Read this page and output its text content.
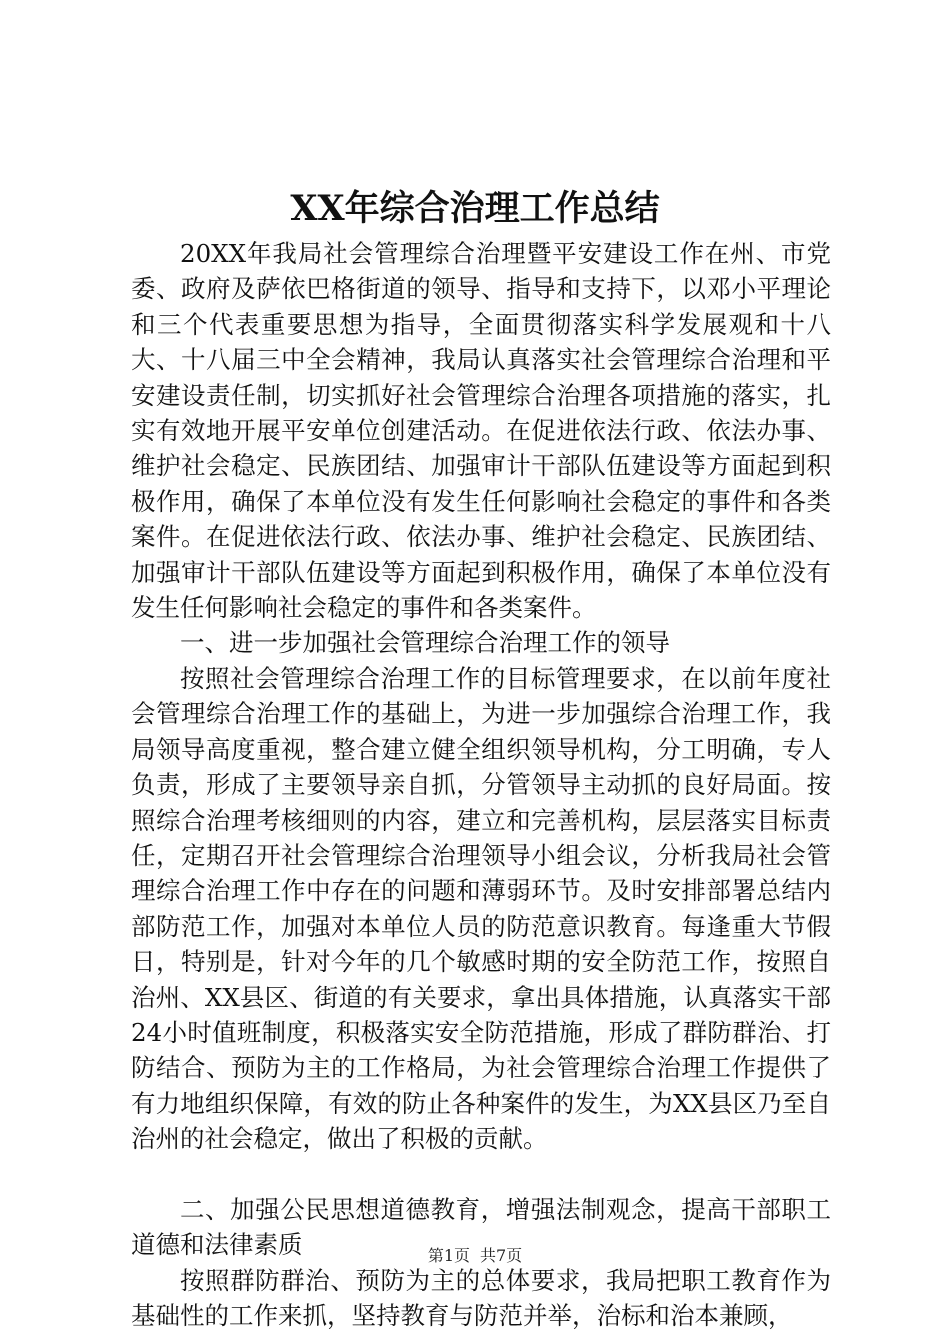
XX年综合治理工作总结

20XX年我局社会管理综合治理暨平安建设工作在州、市党委、政府及萨依巴格街道的领导、指导和支持下，以邓小平理论和三个代表重要思想为指导，全面贯彻落实科学发展观和十八大、十八届三中全会精神，我局认真落实社会管理综合治理和平安建设责任制，切实抓好社会管理综合治理各项措施的落实，扎实有效地开展平安单位创建活动。在促进依法行政、依法办事、维护社会稳定、民族团结、加强审计干部队伍建设等方面起到积极作用，确保了本单位没有发生任何影响社会稳定的事件和各类案件。在促进依法行政、依法办事、维护社会稳定、民族团结、加强审计干部队伍建设等方面起到积极作用，确保了本单位没有发生任何影响社会稳定的事件和各类案件。

一、进一步加强社会管理综合治理工作的领导

按照社会管理综合治理工作的目标管理要求，在以前年度社会管理综合治理工作的基础上，为进一步加强综合治理工作，我局领导高度重视，整合建立健全组织领导机构，分工明确，专人负责，形成了主要领导亲自抓，分管领导主动抓的良好局面。按照综合治理考核细则的内容，建立和完善机构，层层落实目标责任，定期召开社会管理综合治理领导小组会议，分析我局社会管理综合治理工作中存在的问题和薄弱环节。及时安排部署总结内部防范工作，加强对本单位人员的防范意识教育。每逢重大节假日，特别是，针对今年的几个敏感时期的安全防范工作，按照自治州、XX县区、街道的有关要求，拿出具体措施，认真落实干部24小时值班制度，积极落实安全防范措施，形成了群防群治、打防结合、预防为主的工作格局，为社会管理综合治理工作提供了有力地组织保障，有效的防止各种案件的发生，为XX县区乃至自治州的社会稳定，做出了积极的贡献。

二、加强公民思想道德教育，增强法制观念，提高干部职工道德和法律素质

按照群防群治、预防为主的总体要求，我局把职工教育作为基础性的工作来抓，坚持教育与防范并举，治标和治本兼顾，

第1页 共7页
